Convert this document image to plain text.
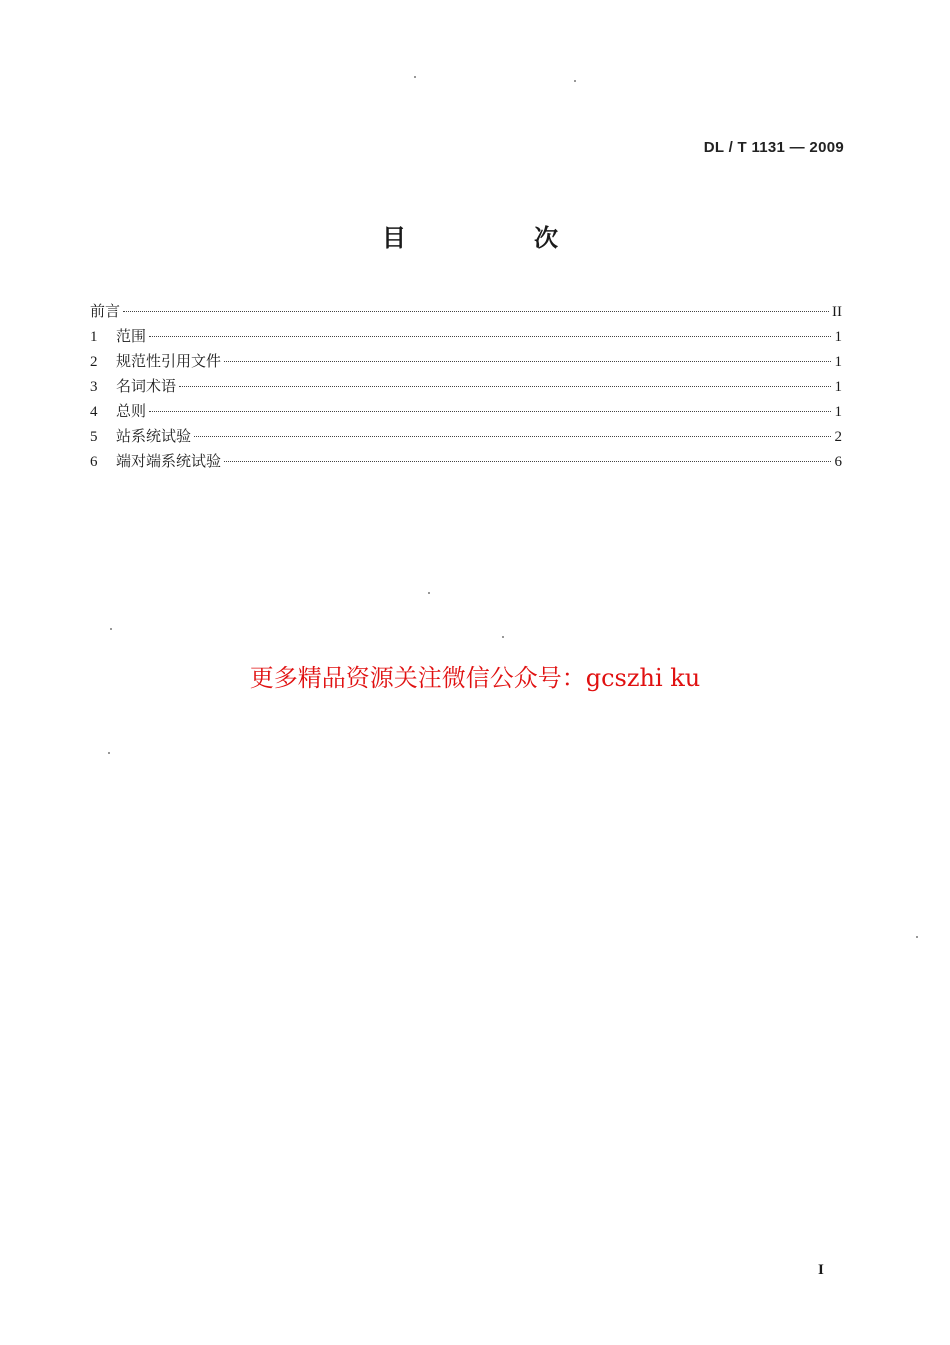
DL / T 1131 — 2009
目　次
前言	II
1	范围	1
2	规范性引用文件	1
3	名词术语	1
4	总则	1
5	站系统试验	2
6	端对端系统试验	6
更多精品资源关注微信公众号：gcszhi ku
I
